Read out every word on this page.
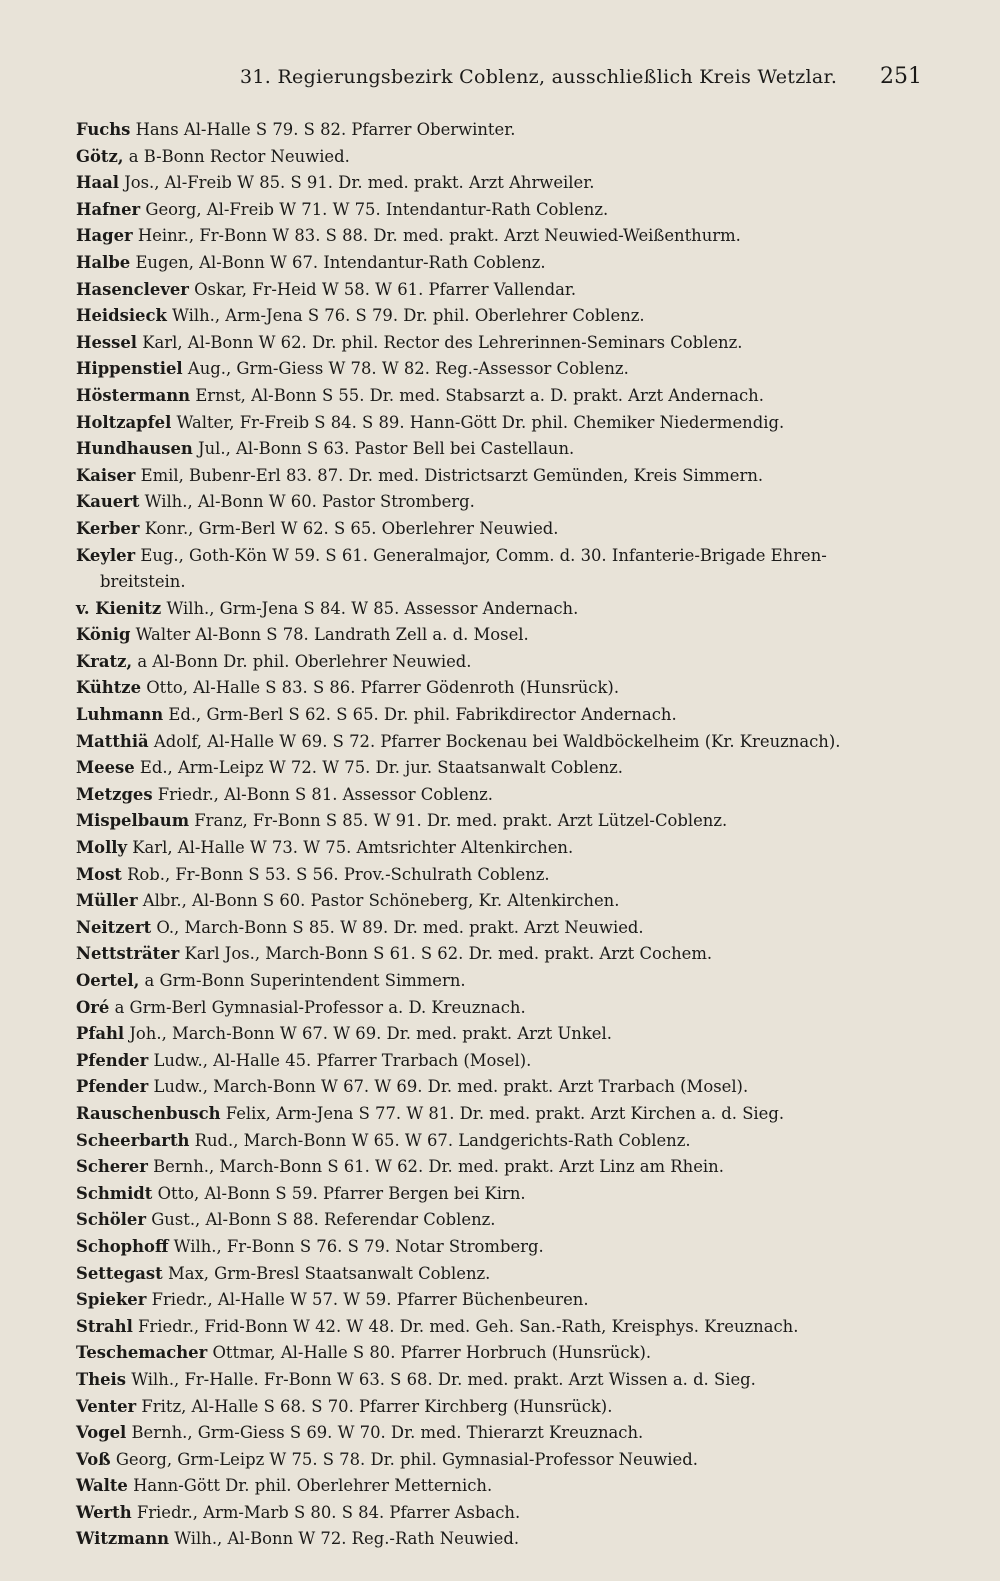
31. Regierungsbezirk Coblenz, ausschließlich Kreis Wetzlar. 251
Fuchs Hans Al-Halle S 79. S 82. Pfarrer Oberwinter.
Götz, a B-Bonn Rector Neuwied.
Haal Jos., Al-Freib W 85. S 91. Dr. med. prakt. Arzt Ahrweiler.
Hafner Georg, Al-Freib W 71. W 75. Intendantur-Rath Coblenz.
Hager Heinr., Fr-Bonn W 83. S 88. Dr. med. prakt. Arzt Neuwied-Weißenthurm.
Halbe Eugen, Al-Bonn W 67. Intendantur-Rath Coblenz.
Hasenclever Oskar, Fr-Heid W 58. W 61. Pfarrer Vallendar.
Heidsieck Wilh., Arm-Jena S 76. S 79. Dr. phil. Oberlehrer Coblenz.
Hessel Karl, Al-Bonn W 62. Dr. phil. Rector des Lehrerinnen-Seminars Coblenz.
Hippenstiel Aug., Grm-Giess W 78. W 82. Reg.-Assessor Coblenz.
Höstermann Ernst, Al-Bonn S 55. Dr. med. Stabsarzt a. D. prakt. Arzt Andernach.
Holtzapfel Walter, Fr-Freib S 84. S 89. Hann-Gött Dr. phil. Chemiker Niedermendig.
Hundhausen Jul., Al-Bonn S 63. Pastor Bell bei Castellaun.
Kaiser Emil, Bubenr-Erl 83. 87. Dr. med. Districtsarzt Gemünden, Kreis Simmern.
Kauert Wilh., Al-Bonn W 60. Pastor Stromberg.
Kerber Konr., Grm-Berl W 62. S 65. Oberlehrer Neuwied.
Keyler Eug., Goth-Kön W 59. S 61. Generalmajor, Comm. d. 30. Infanterie-Brigade Ehren-
breitstein.
v. Kienitz Wilh., Grm-Jena S 84. W 85. Assessor Andernach.
König Walter Al-Bonn S 78. Landrath Zell a. d. Mosel.
Kratz, a Al-Bonn Dr. phil. Oberlehrer Neuwied.
Kühtze Otto, Al-Halle S 83. S 86. Pfarrer Gödenroth (Hunsrück).
Luhmann Ed., Grm-Berl S 62. S 65. Dr. phil. Fabrikdirector Andernach.
Matthiä Adolf, Al-Halle W 69. S 72. Pfarrer Bockenau bei Waldböckelheim (Kr. Kreuznach).
Meese Ed., Arm-Leipz W 72. W 75. Dr. jur. Staatsanwalt Coblenz.
Metzges Friedr., Al-Bonn S 81. Assessor Coblenz.
Mispelbaum Franz, Fr-Bonn S 85. W 91. Dr. med. prakt. Arzt Lützel-Coblenz.
Molly Karl, Al-Halle W 73. W 75. Amtsrichter Altenkirchen.
Most Rob., Fr-Bonn S 53. S 56. Prov.-Schulrath Coblenz.
Müller Albr., Al-Bonn S 60. Pastor Schöneberg, Kr. Altenkirchen.
Neitzert O., March-Bonn S 85. W 89. Dr. med. prakt. Arzt Neuwied.
Nettsträter Karl Jos., March-Bonn S 61. S 62. Dr. med. prakt. Arzt Cochem.
Oertel, a Grm-Bonn Superintendent Simmern.
Oré a Grm-Berl Gymnasial-Professor a. D. Kreuznach.
Pfahl Joh., March-Bonn W 67. W 69. Dr. med. prakt. Arzt Unkel.
Pfender Ludw., Al-Halle 45. Pfarrer Trarbach (Mosel).
Pfender Ludw., March-Bonn W 67. W 69. Dr. med. prakt. Arzt Trarbach (Mosel).
Rauschenbusch Felix, Arm-Jena S 77. W 81. Dr. med. prakt. Arzt Kirchen a. d. Sieg.
Scheerbarth Rud., March-Bonn W 65. W 67. Landgerichts-Rath Coblenz.
Scherer Bernh., March-Bonn S 61. W 62. Dr. med. prakt. Arzt Linz am Rhein.
Schmidt Otto, Al-Bonn S 59. Pfarrer Bergen bei Kirn.
Schöler Gust., Al-Bonn S 88. Referendar Coblenz.
Schophoff Wilh., Fr-Bonn S 76. S 79. Notar Stromberg.
Settegast Max, Grm-Bresl Staatsanwalt Coblenz.
Spieker Friedr., Al-Halle W 57. W 59. Pfarrer Büchenbeuren.
Strahl Friedr., Frid-Bonn W 42. W 48. Dr. med. Geh. San.-Rath, Kreisphys. Kreuznach.
Teschemacher Ottmar, Al-Halle S 80. Pfarrer Horbruch (Hunsrück).
Theis Wilh., Fr-Halle. Fr-Bonn W 63. S 68. Dr. med. prakt. Arzt Wissen a. d. Sieg.
Venter Fritz, Al-Halle S 68. S 70. Pfarrer Kirchberg (Hunsrück).
Vogel Bernh., Grm-Giess S 69. W 70. Dr. med. Thierarzt Kreuznach.
Voß Georg, Grm-Leipz W 75. S 78. Dr. phil. Gymnasial-Professor Neuwied.
Walte Hann-Gött Dr. phil. Oberlehrer Metternich.
Werth Friedr., Arm-Marb S 80. S 84. Pfarrer Asbach.
Witzmann Wilh., Al-Bonn W 72. Reg.-Rath Neuwied.
